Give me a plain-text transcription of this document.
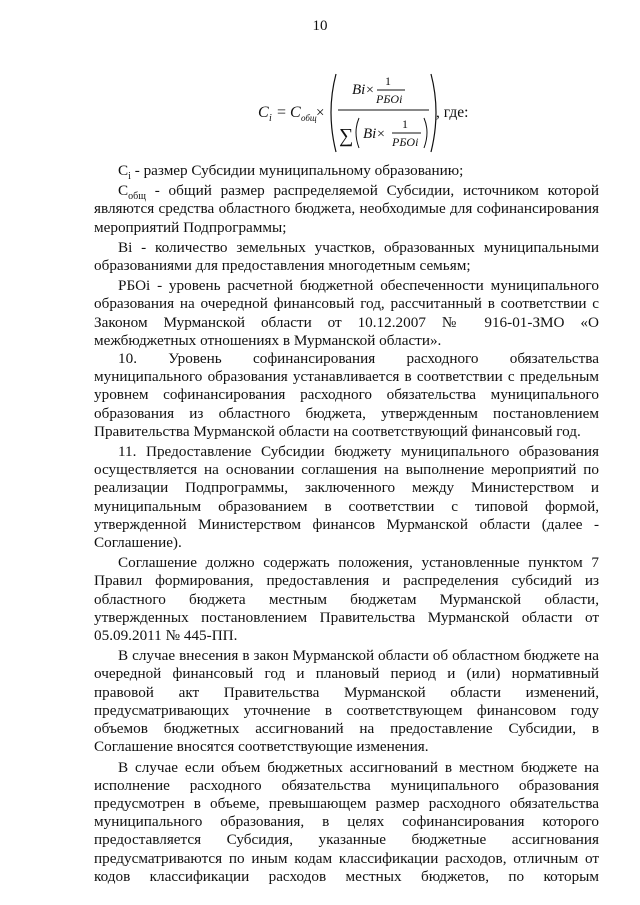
10
C i = C общ ×
Bi ×
1
РБОi
∑ Bi ×
1
РБОi
, где:

$C_i$ - размер Субсидии муниципальному образованию;

$C_{общ}$ - общий размер распределяемой Субсидии, источником которой являются средства областного бюджета, необходимые для софинансирования мероприятий Подпрограммы;

Bi - количество земельных участков, образованных муниципальными образованиями для предоставления многодетным семьям;

РБОi - уровень расчетной бюджетной обеспеченности муниципального образования на очередной финансовый год, рассчитанный в соответствии с Законом Мурманской области от 10.12.2007 № 916-01-ЗМО «О межбюджетных отношениях в Мурманской области».

10. Уровень софинансирования расходного обязательства муниципального образования устанавливается в соответствии с предельным уровнем софинансирования расходного обязательства муниципального образования из областного бюджета, утвержденным постановлением Правительства Мурманской области на соответствующий финансовый год.

11. Предоставление Субсидии бюджету муниципального образования осуществляется на основании соглашения на выполнение мероприятий по реализации Подпрограммы, заключенного между Министерством и муниципальным образованием в соответствии с типовой формой, утвержденной Министерством финансов Мурманской области (далее - Соглашение).

Соглашение должно содержать положения, установленные пунктом 7 Правил формирования, предоставления и распределения субсидий из областного бюджета местным бюджетам Мурманской области, утвержденных постановлением Правительства Мурманской области от 05.09.2011 № 445-ПП.

В случае внесения в закон Мурманской области об областном бюджете на очередной финансовый год и плановый период и (или) нормативный правовой акт Правительства Мурманской области изменений, предусматривающих уточнение в соответствующем финансовом году объемов бюджетных ассигнований на предоставление Субсидии, в Соглашение вносятся соответствующие изменения.

В случае если объем бюджетных ассигнований в местном бюджете на исполнение расходного обязательства муниципального образования предусмотрен в объеме, превышающем размер расходного обязательства муниципального образования, в целях софинансирования которого предоставляется Субсидия, указанные бюджетные ассигнования предусматриваются по иным кодам классификации расходов, отличным от кодов классификации расходов местных бюджетов, по которым
